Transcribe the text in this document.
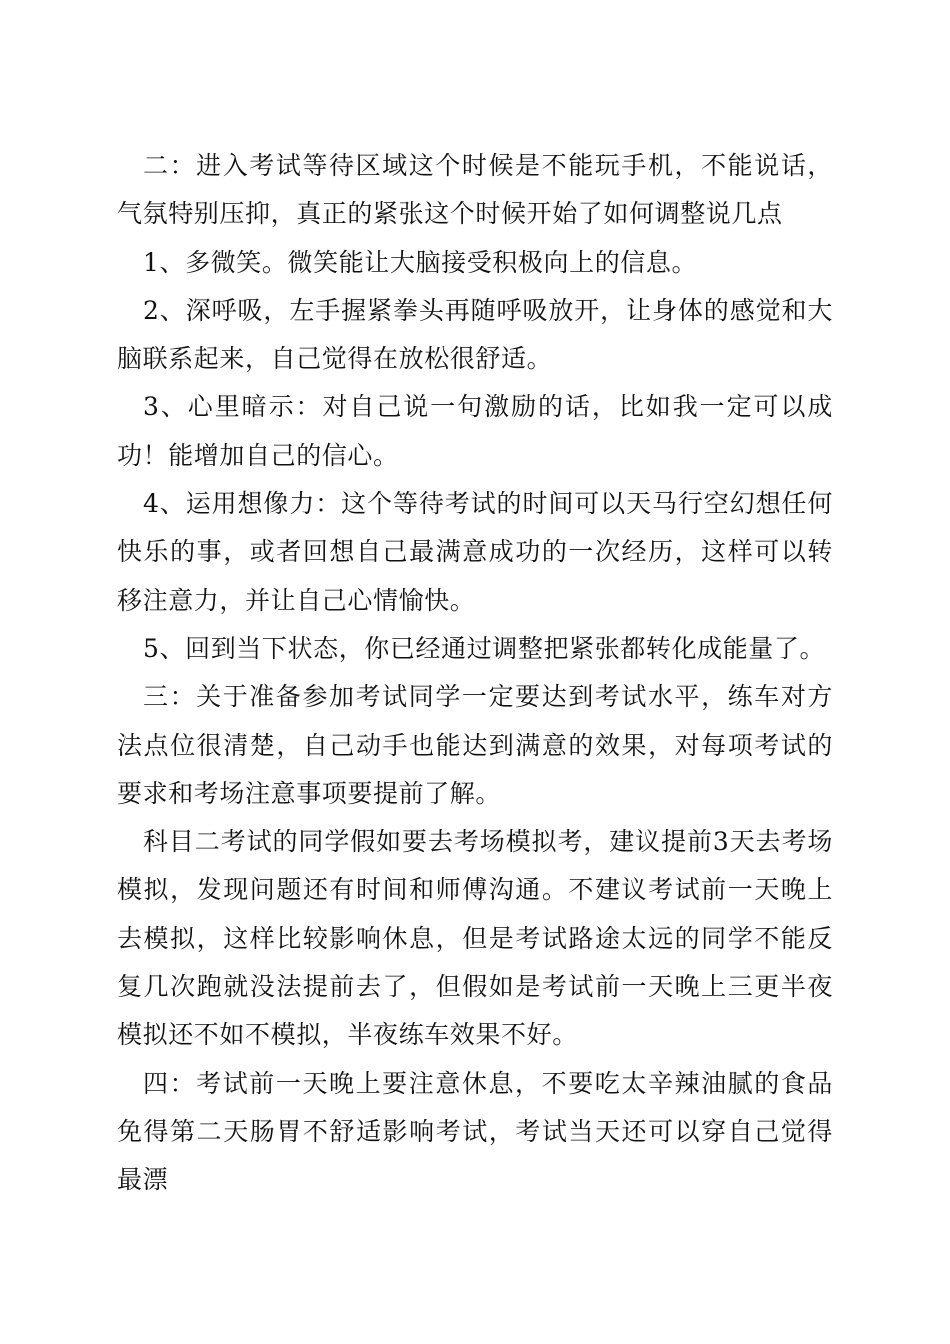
二：进入考试等待区域这个时候是不能玩手机，不能说话，气氛特别压抑，真正的紧张这个时候开始了如何调整说几点

1、多微笑。微笑能让大脑接受积极向上的信息。

2、深呼吸，左手握紧拳头再随呼吸放开，让身体的感觉和大脑联系起来，自己觉得在放松很舒适。

3、心里暗示：对自己说一句激励的话，比如我一定可以成功！能增加自己的信心。

4、运用想像力：这个等待考试的时间可以天马行空幻想任何快乐的事，或者回想自己最满意成功的一次经历，这样可以转移注意力，并让自己心情愉快。

5、回到当下状态，你已经通过调整把紧张都转化成能量了。

三：关于准备参加考试同学一定要达到考试水平，练车对方法点位很清楚，自己动手也能达到满意的效果，对每项考试的要求和考场注意事项要提前了解。

科目二考试的同学假如要去考场模拟考，建议提前3天去考场模拟，发现问题还有时间和师傅沟通。不建议考试前一天晚上去模拟，这样比较影响休息，但是考试路途太远的同学不能反复几次跑就没法提前去了，但假如是考试前一天晚上三更半夜模拟还不如不模拟，半夜练车效果不好。

四：考试前一天晚上要注意休息，不要吃太辛辣油腻的食品免得第二天肠胃不舒适影响考试，考试当天还可以穿自己觉得最漂
